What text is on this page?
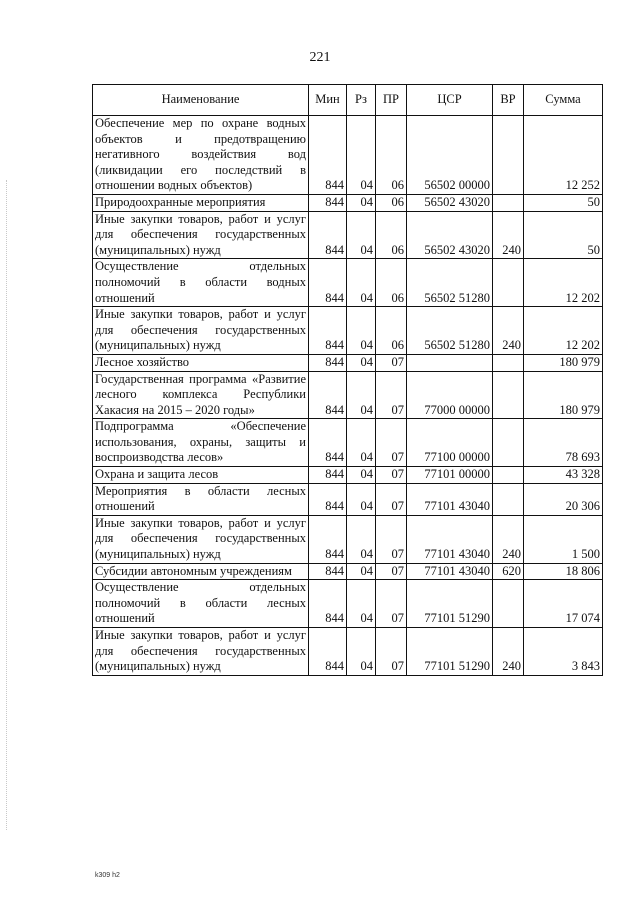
221
Наименование	Мин	Рз	ПР	ЦСР	ВР	Сумма
Обеспечение мер по охране водных объектов и предотвращению негативного воздействия вод (ликвидации его последствий в отношении водных объектов)	844	04	06	56502 00000		12 252
Природоохранные мероприятия	844	04	06	56502 43020		50
Иные закупки товаров, работ и услуг для обеспечения государственных (муниципальных) нужд	844	04	06	56502 43020	240	50
Осуществление отдельных полномочий в области водных отношений	844	04	06	56502 51280		12 202
Иные закупки товаров, работ и услуг для обеспечения государственных (муниципальных) нужд	844	04	06	56502 51280	240	12 202
Лесное хозяйство	844	04	07			180 979
Государственная программа «Развитие лесного комплекса Республики Хакасия на 2015 – 2020 годы»	844	04	07	77000 00000		180 979
Подпрограмма «Обеспечение использования, охраны, защиты и воспроизводства лесов»	844	04	07	77100 00000		78 693
Охрана и защита лесов	844	04	07	77101 00000		43 328
Мероприятия в области лесных отношений	844	04	07	77101 43040		20 306
Иные закупки товаров, работ и услуг для обеспечения государственных (муниципальных) нужд	844	04	07	77101 43040	240	1 500
Субсидии автономным учреждениям	844	04	07	77101 43040	620	18 806
Осуществление отдельных полномочий в области лесных отношений	844	04	07	77101 51290		17 074
Иные закупки товаров, работ и услуг для обеспечения государственных (муниципальных) нужд	844	04	07	77101 51290	240	3 843
k309 h2
